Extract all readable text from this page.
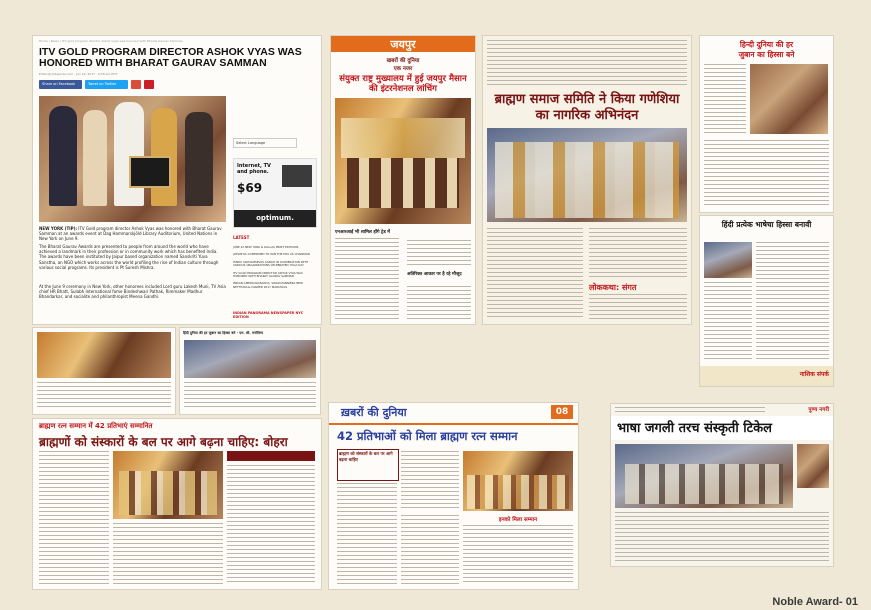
Home / News / ITV gold program director Ashok Vyas was honored with Bharat Gaurav Samman
ITV GOLD PROGRAM DIRECTOR ASHOK VYAS WAS HONORED WITH BHARAT GAURAV SAMMAN
Editor@indiapride.com · Jun 16, 2017 · 6:58 am EDT
Share on Facebook	Tweet on Twitter
NEW YORK (TIP): ITV Gold program director Ashok Vyas was honored with Bharat Gaurav Samman at an awards event at Dag Hammarskjöld Library Auditorium, United Nations in New York on June 9.
The Bharat Gaurav Awards are presented to people from around the world who have achieved a landmark in their profession or in community work which has benefited India. The awards have been instituted by Jaipur based organization named Sanskriti Yuva Sanstha, an NGO which works across the world profiling the rise of Indian culture through various social programs. Its president is Pt Suresh Mishra.
At the June 9 ceremony in New York, other honorees included Lord guru Lakesh Muni, TV Asia chief HR Bhatt, Sulabh International fame Bindeshwari Pathak, Rimmaker Madhur Bhandarkar, and socialite and philanthropist Meena Gandhi.
Select Language
Internet, TV and phone.
$69
optimum.
LATEST
JUNE 22 NEW YORK & DALLAS PRINT EDITIONS
JOELINTIA CONFIRMED TO WIN THE MTA AS CHAIRMAN
HINDU SWAYAMSEVAK SANGH IN COOPERATION WITH VARIOUS ORGANIZATIONS CELEBRATED YOGA DAY
ITV GOLD PROGRAM DIRECTOR ASHOK VYAS WAS HONORED WITH BHARAT GAURAV SAMMAN
INDIAN AMERICAN BAIDYA, SWAIN PANNIERA NEW NETTHAVALLI NAMED 2017 MARSHALS
INDIAN PANORAMA NEWSPAPER NYC EDITION
जयपुर
खबरों की दुनिया
एक नजर
संयुक्त राष्ट्र मुख्यालय में हुई जयपुर मैसान की इंटरनेशनल लांचिंग
एनआरआई भी शामिल होंगे ट्रेड में
अतिरिक्त आकार पर है रहे मौजूद
ब्राह्मण समाज समिति ने किया गणेशिया का नागरिक अभिनंदन
लोककथा: संगत
हिन्दी दुनिया की हर
जुबान का हिस्सा बने
हिंदी प्रत्येक भाषेचा हिस्सा बनावी
नाशिक संपर्क
हिंदी दुनिया की हर जुबान का हिस्सा बने · एम. सी. मनोविग्य
ब्राह्मण रत्न सम्मान में 42 प्रतिभाएं सम्मानित
ब्राह्मणों को संस्कारों के बल पर आगे बढ़ना चाहिए: बोहरा
ख़बरों की दुनिया	08
42 प्रतिभाओं को मिला ब्राह्मण रत्न सम्मान
ब्राह्मण को संस्कारों के बल पर आगे बढ़ना चाहिए
इनको मिला सम्मान
पुण्य नगरी
भाषा जगली तरच संस्कृती टिकेल
Noble Award- 01
